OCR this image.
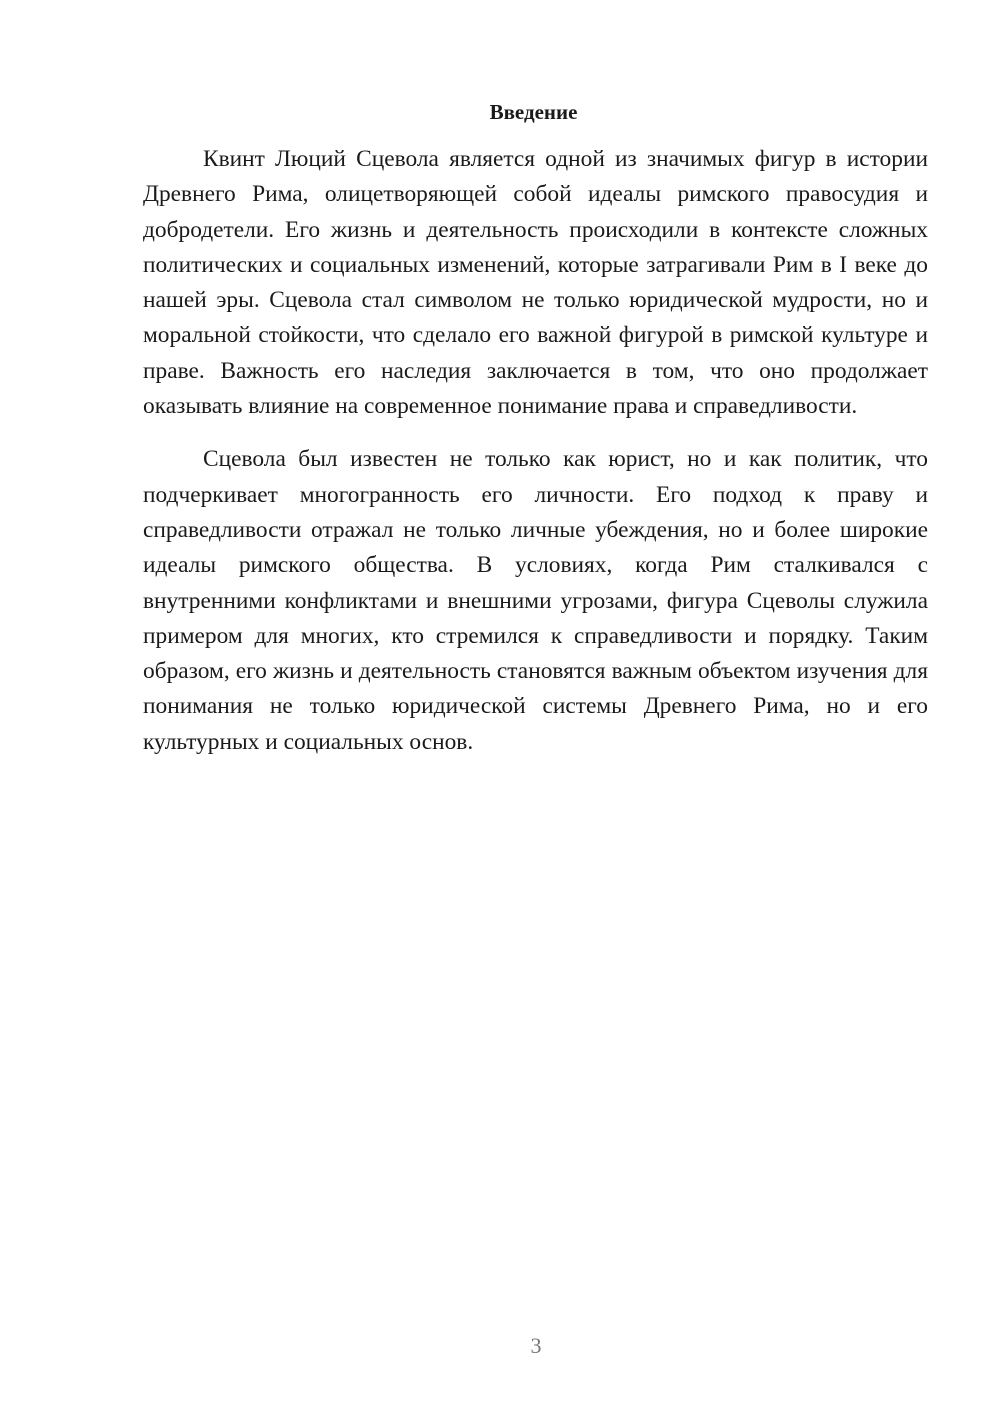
Введение

Квинт Люций Сцевола является одной из значимых фигур в истории Древнего Рима, олицетворяющей собой идеалы римского правосудия и добродетели. Его жизнь и деятельность происходили в контексте сложных политических и социальных изменений, которые затрагивали Рим в I веке до нашей эры. Сцевола стал символом не только юридической мудрости, но и моральной стойкости, что сделало его важной фигурой в римской культуре и праве. Важность его наследия заключается в том, что оно продолжает оказывать влияние на современное понимание права и справедливости.

Сцевола был известен не только как юрист, но и как политик, что подчеркивает многогранность его личности. Его подход к праву и справедливости отражал не только личные убеждения, но и более широкие идеалы римского общества. В условиях, когда Рим сталкивался с внутренними конфликтами и внешними угрозами, фигура Сцеволы служила примером для многих, кто стремился к справедливости и порядку. Таким образом, его жизнь и деятельность становятся важным объектом изучения для понимания не только юридической системы Древнего Рима, но и его культурных и социальных основ.

3
